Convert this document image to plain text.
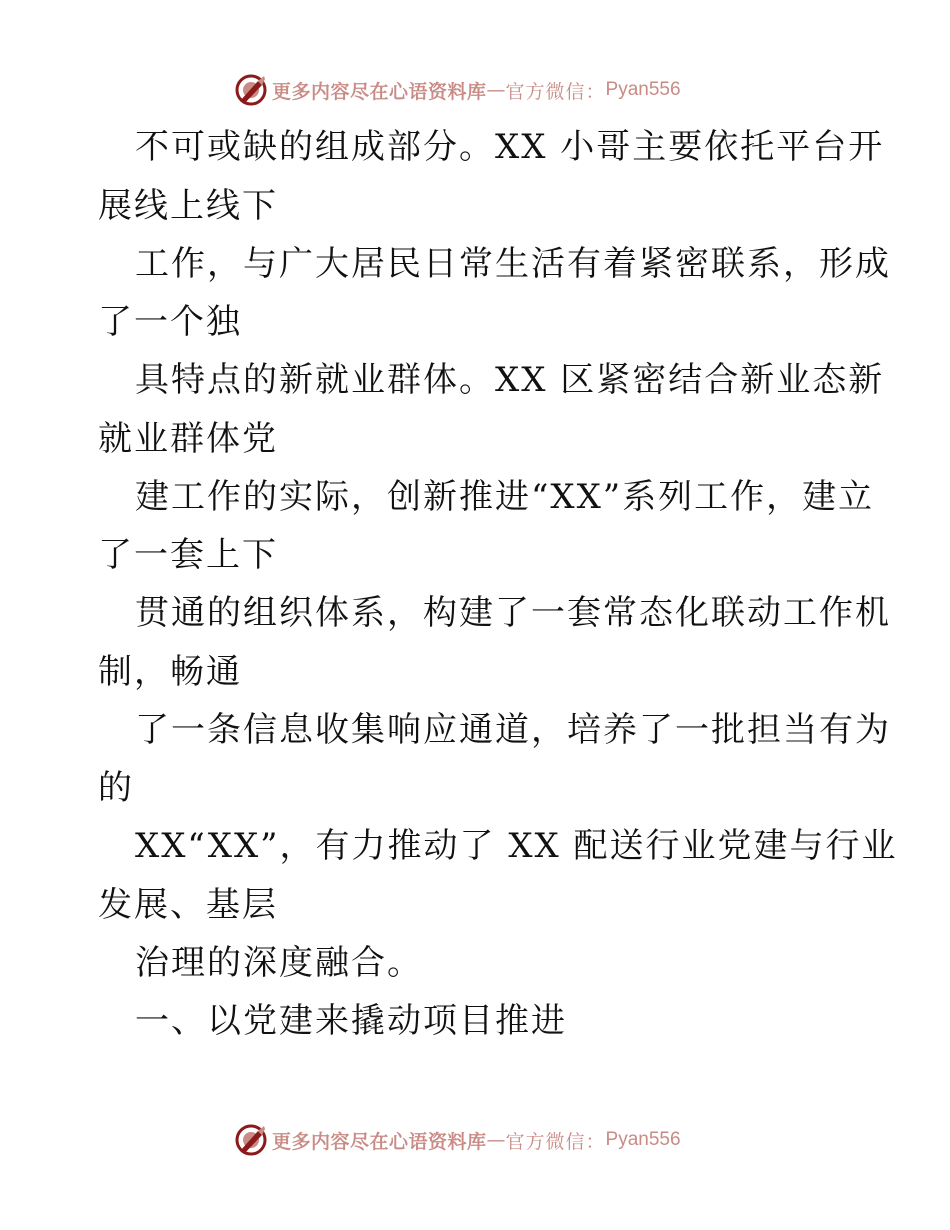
更多内容尽在心语资料库 — 官方微信： Pyan556
不可或缺的组成部分。XX 小哥主要依托平台开
展线上线下
工作，与广大居民日常生活有着紧密联系，形成
了一个独
具特点的新就业群体。XX 区紧密结合新业态新
就业群体党
建工作的实际，创新推进“XX”系列工作，建立
了一套上下
贯通的组织体系，构建了一套常态化联动工作机
制，畅通
了一条信息收集响应通道，培养了一批担当有为
的
XX“XX”，有力推动了 XX 配送行业党建与行业
发展、基层
治理的深度融合。
一、以党建来撬动项目推进
更多内容尽在心语资料库 — 官方微信： Pyan556
